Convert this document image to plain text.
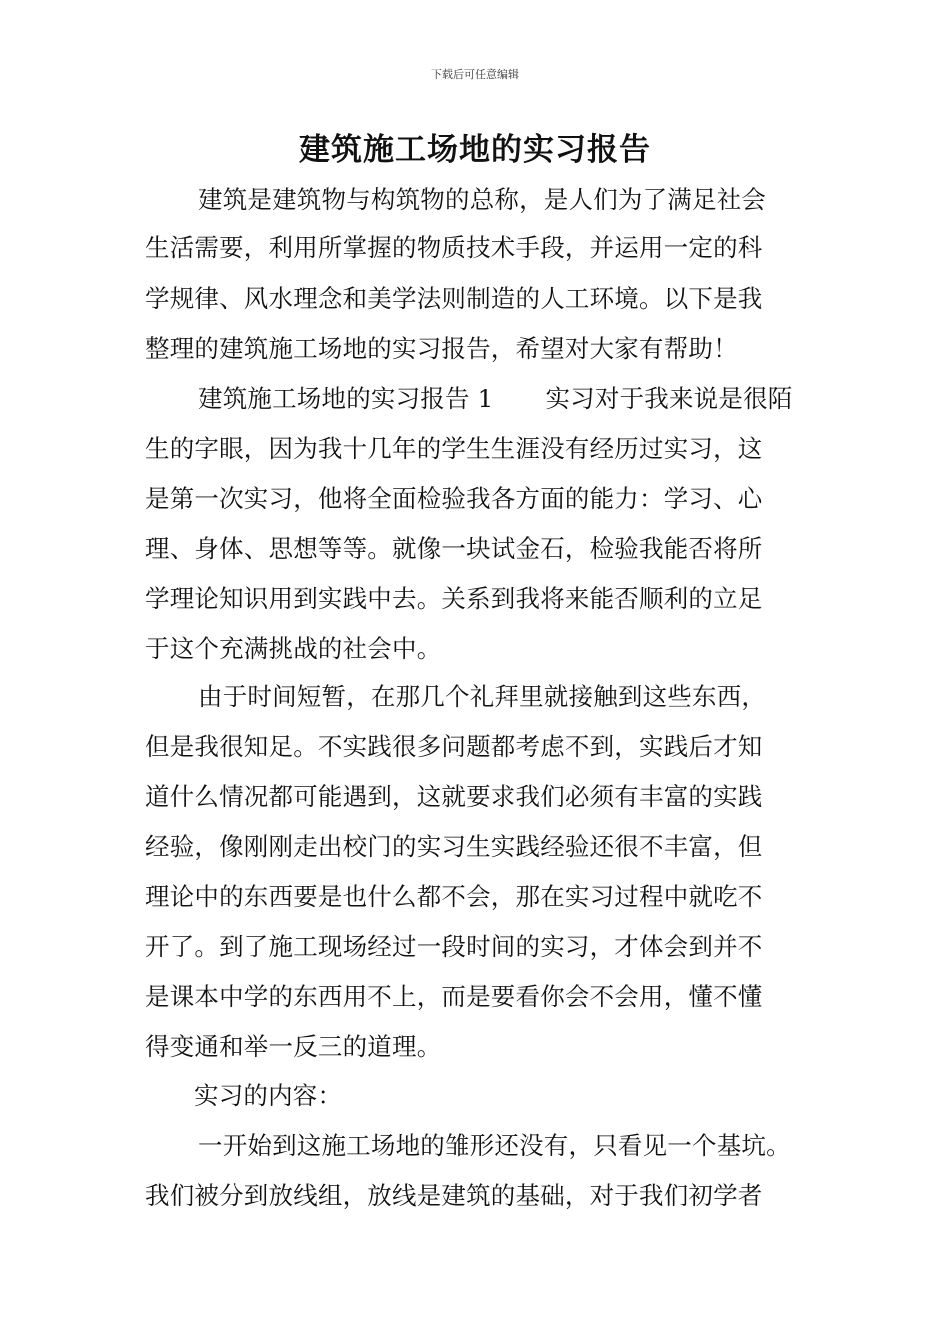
下载后可任意编辑
建筑施工场地的实习报告
建筑是建筑物与构筑物的总称，是人们为了满足社会
生活需要，利用所掌握的物质技术手段，并运用一定的科
学规律、风水理念和美学法则制造的人工环境。以下是我
整理的建筑施工场地的实习报告，希望对大家有帮助！
建筑施工场地的实习报告 1 实习对于我来说是很陌
生的字眼，因为我十几年的学生生涯没有经历过实习，这
是第一次实习，他将全面检验我各方面的能力：学习、心
理、身体、思想等等。就像一块试金石，检验我能否将所
学理论知识用到实践中去。关系到我将来能否顺利的立足
于这个充满挑战的社会中。
由于时间短暂，在那几个礼拜里就接触到这些东西，
但是我很知足。不实践很多问题都考虑不到，实践后才知
道什么情况都可能遇到，这就要求我们必须有丰富的实践
经验，像刚刚走出校门的实习生实践经验还很不丰富，但
理论中的东西要是也什么都不会，那在实习过程中就吃不
开了。到了施工现场经过一段时间的实习，才体会到并不
是课本中学的东西用不上，而是要看你会不会用，懂不懂
得变通和举一反三的道理。
实习的内容：
一开始到这施工场地的雏形还没有，只看见一个基坑。
我们被分到放线组，放线是建筑的基础，对于我们初学者
